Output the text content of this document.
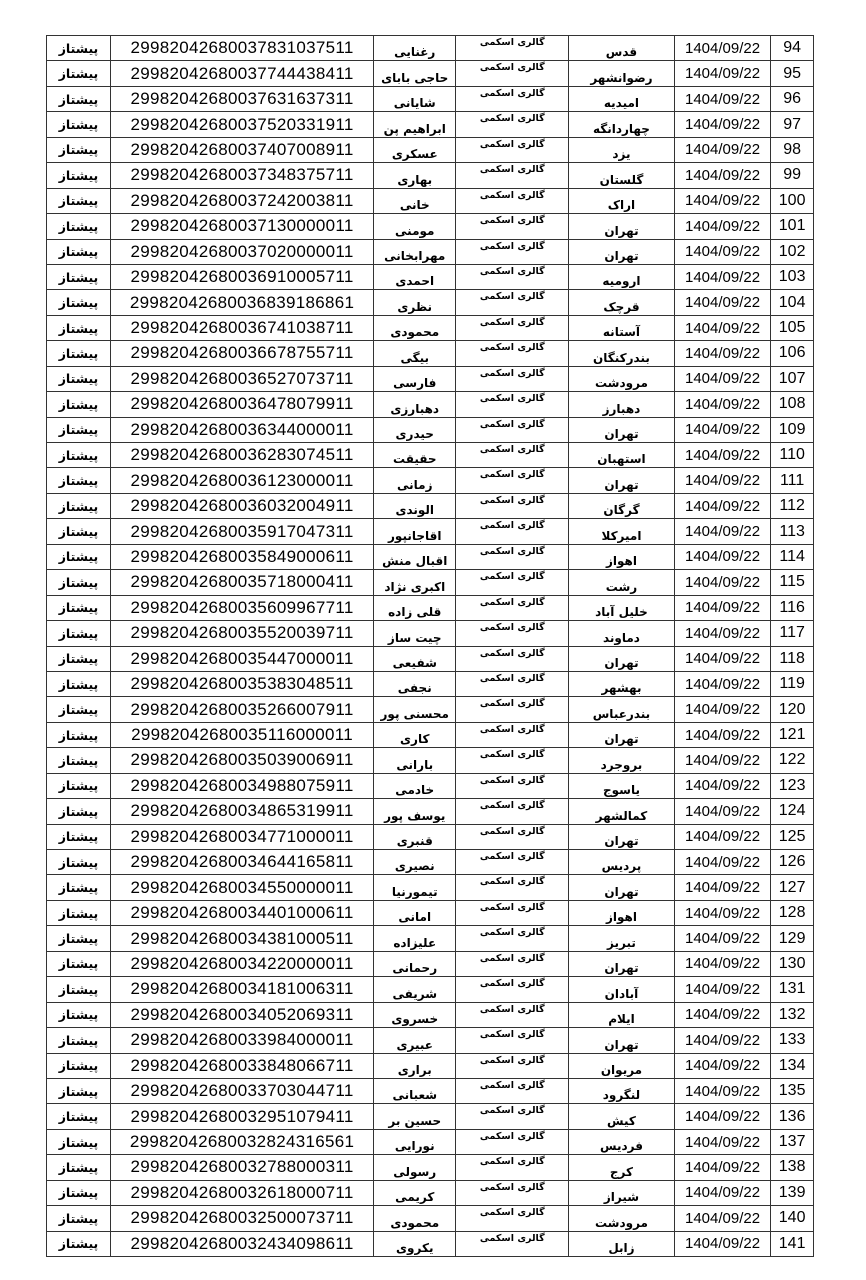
پیشتاز	29982042680037831037511	رغنایی	گالری اسکمی	قدس	1404/09/22	94
پیشتاز	29982042680037744438411	حاجی بابای	گالری اسکمی	رضوانشهر	1404/09/22	95
پیشتاز	29982042680037631637311	شایانی	گالری اسکمی	امیدیه	1404/09/22	96
پیشتاز	29982042680037520331911	ابراهیم پن	گالری اسکمی	چهاردانگه	1404/09/22	97
پیشتاز	29982042680037407008911	عسکری	گالری اسکمی	یزد	1404/09/22	98
پیشتاز	29982042680037348375711	بهاری	گالری اسکمی	گلستان	1404/09/22	99
پیشتاز	29982042680037242003811	خانی	گالری اسکمی	اراک	1404/09/22	100
پیشتاز	29982042680037130000011	مومنی	گالری اسکمی	تهران	1404/09/22	101
پیشتاز	29982042680037020000011	مهرابخانی	گالری اسکمی	تهران	1404/09/22	102
پیشتاز	29982042680036910005711	احمدی	گالری اسکمی	ارومیه	1404/09/22	103
پیشتاز	29982042680036839186861	نظری	گالری اسکمی	قرچک	1404/09/22	104
پیشتاز	29982042680036741038711	محمودی	گالری اسکمی	آستانه	1404/09/22	105
پیشتاز	29982042680036678755711	بیگی	گالری اسکمی	بندرکنگان	1404/09/22	106
پیشتاز	29982042680036527073711	فارسی	گالری اسکمی	مرودشت	1404/09/22	107
پیشتاز	29982042680036478079911	دهبارزی	گالری اسکمی	دهبارز	1404/09/22	108
پیشتاز	29982042680036344000011	حیدری	گالری اسکمی	تهران	1404/09/22	109
پیشتاز	29982042680036283074511	حقیقت	گالری اسکمی	استهبان	1404/09/22	110
پیشتاز	29982042680036123000011	زمانی	گالری اسکمی	تهران	1404/09/22	111
پیشتاز	29982042680036032004911	الوندی	گالری اسکمی	گرگان	1404/09/22	112
پیشتاز	29982042680035917047311	اقاجانپور	گالری اسکمی	امیرکلا	1404/09/22	113
پیشتاز	29982042680035849000611	اقبال منش	گالری اسکمی	اهواز	1404/09/22	114
پیشتاز	29982042680035718000411	اکبری نژاد	گالری اسکمی	رشت	1404/09/22	115
پیشتاز	29982042680035609967711	قلی زاده	گالری اسکمی	خلیل آباد	1404/09/22	116
پیشتاز	29982042680035520039711	چیت ساز	گالری اسکمی	دماوند	1404/09/22	117
پیشتاز	29982042680035447000011	شفیعی	گالری اسکمی	تهران	1404/09/22	118
پیشتاز	29982042680035383048511	نجفی	گالری اسکمی	بهشهر	1404/09/22	119
پیشتاز	29982042680035266007911	محسنی پور	گالری اسکمی	بندرعباس	1404/09/22	120
پیشتاز	29982042680035116000011	کاری	گالری اسکمی	تهران	1404/09/22	121
پیشتاز	29982042680035039006911	بارانی	گالری اسکمی	بروجرد	1404/09/22	122
پیشتاز	29982042680034988075911	خادمی	گالری اسکمی	یاسوج	1404/09/22	123
پیشتاز	29982042680034865319911	یوسف پور	گالری اسکمی	کمالشهر	1404/09/22	124
پیشتاز	29982042680034771000011	قنبری	گالری اسکمی	تهران	1404/09/22	125
پیشتاز	29982042680034644165811	نصیری	گالری اسکمی	پردیس	1404/09/22	126
پیشتاز	29982042680034550000011	تیمورنیا	گالری اسکمی	تهران	1404/09/22	127
پیشتاز	29982042680034401000611	امانی	گالری اسکمی	اهواز	1404/09/22	128
پیشتاز	29982042680034381000511	علیزاده	گالری اسکمی	تبریز	1404/09/22	129
پیشتاز	29982042680034220000011	رحمانی	گالری اسکمی	تهران	1404/09/22	130
پیشتاز	29982042680034181006311	شریفی	گالری اسکمی	آبادان	1404/09/22	131
پیشتاز	29982042680034052069311	خسروی	گالری اسکمی	ایلام	1404/09/22	132
پیشتاز	29982042680033984000011	عبیری	گالری اسکمی	تهران	1404/09/22	133
پیشتاز	29982042680033848066711	براری	گالری اسکمی	مریوان	1404/09/22	134
پیشتاز	29982042680033703044711	شعبانی	گالری اسکمی	لنگرود	1404/09/22	135
پیشتاز	29982042680032951079411	حسین بر	گالری اسکمی	کیش	1404/09/22	136
پیشتاز	29982042680032824316561	نورایی	گالری اسکمی	فردیس	1404/09/22	137
پیشتاز	29982042680032788000311	رسولی	گالری اسکمی	کرج	1404/09/22	138
پیشتاز	29982042680032618000711	کریمی	گالری اسکمی	شیراز	1404/09/22	139
پیشتاز	29982042680032500073711	محمودی	گالری اسکمی	مرودشت	1404/09/22	140
پیشتاز	29982042680032434098611	یکروی	گالری اسکمی	زابل	1404/09/22	141
